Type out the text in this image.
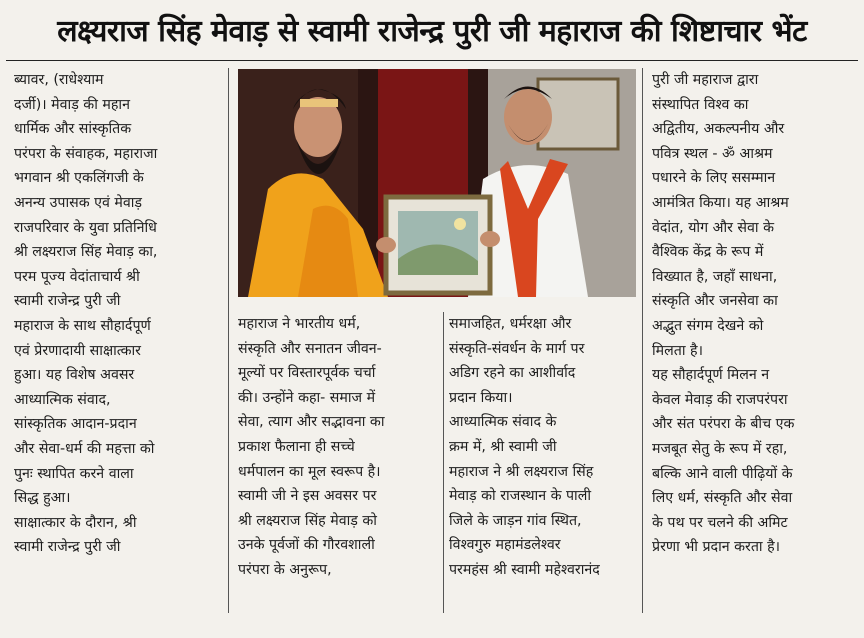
लक्ष्यराज सिंह मेवाड़ से स्वामी राजेन्द्र पुरी जी महाराज की शिष्टाचार भेंट
ब्यावर, (राधेश्याम
दर्जी)। मेवाड़ की महान
धार्मिक और सांस्कृतिक
परंपरा के संवाहक, महाराजा
भगवान श्री एकलिंगजी के
अनन्य उपासक एवं मेवाड़
राजपरिवार के युवा प्रतिनिधि
श्री लक्ष्यराज सिंह मेवाड़ का,
परम पूज्य वेदांताचार्य श्री
स्वामी राजेन्द्र पुरी जी
महाराज के साथ सौहार्दपूर्ण
एवं प्रेरणादायी साक्षात्कार
हुआ। यह विशेष अवसर
आध्यात्मिक संवाद,
सांस्कृतिक आदान-प्रदान
और सेवा-धर्म की महत्ता को
पुनः स्थापित करने वाला
सिद्ध हुआ।
साक्षात्कार के दौरान, श्री
स्वामी राजेन्द्र पुरी जी
महाराज ने भारतीय धर्म,
संस्कृति और सनातन जीवन-
मूल्यों पर विस्तारपूर्वक चर्चा
की। उन्होंने कहा- समाज में
सेवा, त्याग और सद्भावना का
प्रकाश फैलाना ही सच्चे
धर्मपालन का मूल स्वरूप है।
स्वामी जी ने इस अवसर पर
श्री लक्ष्यराज सिंह मेवाड़ को
उनके पूर्वजों की गौरवशाली
परंपरा के अनुरूप,
समाजहित, धर्मरक्षा और
संस्कृति-संवर्धन के मार्ग पर
अडिग रहने का आशीर्वाद
प्रदान किया।
आध्यात्मिक संवाद के
क्रम में, श्री स्वामी जी
महाराज ने श्री लक्ष्यराज सिंह
मेवाड़ को राजस्थान के पाली
जिले के जाड़न गांव स्थित,
विश्वगुरु महामंडलेश्वर
परमहंस श्री स्वामी महेश्वरानंद
पुरी जी महाराज द्वारा
संस्थापित विश्व का
अद्वितीय, अकल्पनीय और
पवित्र स्थल - ॐ आश्रम
पधारने के लिए ससम्मान
आमंत्रित किया। यह आश्रम
वेदांत, योग और सेवा के
वैश्विक केंद्र के रूप में
विख्यात है, जहाँ साधना,
संस्कृति और जनसेवा का
अद्भुत संगम देखने को
मिलता है।
यह सौहार्दपूर्ण मिलन न
केवल मेवाड़ की राजपरंपरा
और संत परंपरा के बीच एक
मजबूत सेतु के रूप में रहा,
बल्कि आने वाली पीढ़ियों के
लिए धर्म, संस्कृति और सेवा
के पथ पर चलने की अमिट
प्रेरणा भी प्रदान करता है।
